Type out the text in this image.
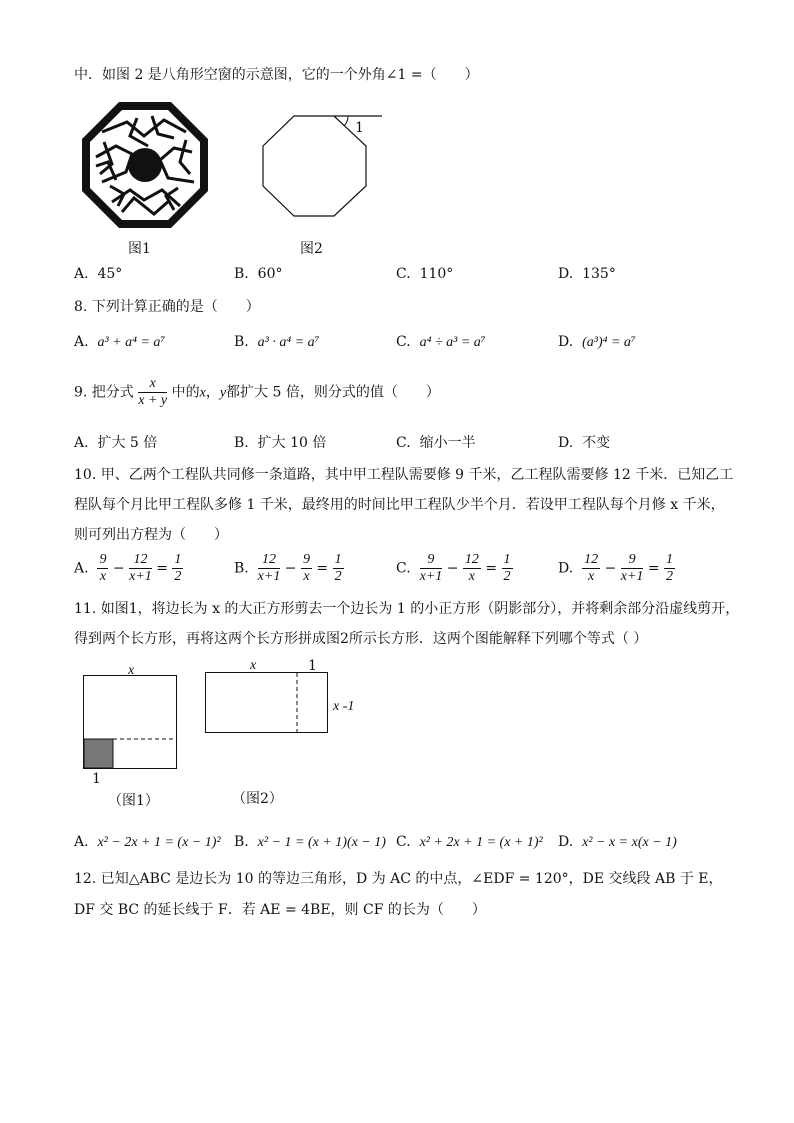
中．如图 2 是八角形空窗的示意图，它的一个外角∠1 =（　　）
图1
1
图2
A. 45°	B. 60°	C. 110°	D. 135°
8. 下列计算正确的是（　　）
A. a³ + a⁴ = a⁷	B. a³ · a⁴ = a⁷	C. a⁴ ÷ a³ = a⁷	D. (a³)⁴ = a⁷
9. 把分式 $\frac{x}{x + y}$ 中的x，y都扩大 5 倍，则分式的值（　　）
A. 扩大 5 倍	B. 扩大 10 倍	C. 缩小一半	D. 不变
10. 甲、乙两个工程队共同修一条道路，其中甲工程队需要修 9 千米，乙工程队需要修 12 千米．已知乙工
程队每个月比甲工程队多修 1 千米，最终用的时间比甲工程队少半个月．若设甲工程队每个月修 x 千米，
则可列出方程为（　　）
A. $\frac{9}{x} - \frac{12}{x+1} = \frac{1}{2}$	B. $\frac{12}{x+1} - \frac{9}{x} = \frac{1}{2}$	C. $\frac{9}{x+1} - \frac{12}{x} = \frac{1}{2}$	D. $\frac{12}{x} - \frac{9}{x+1} = \frac{1}{2}$
11. 如图1，将边长为 x 的大正方形剪去一个边长为 1 的小正方形（阴影部分），并将剩余部分沿虚线剪开，
得到两个长方形，再将这两个长方形拼成图2所示长方形．这两个图能解释下列哪个等式（ ）
x
1
（图1）
x	1
x -1
（图2）
A. x² − 2x + 1 = (x − 1)² B. x² − 1 = (x + 1)(x − 1) C. x² + 2x + 1 = (x + 1)² D. x² − x = x(x − 1)
12. 已知△ABC 是边长为 10 的等边三角形，D 为 AC 的中点，∠EDF = 120°，DE 交线段 AB 于 E，
DF 交 BC 的延长线于 F．若 AE = 4BE，则 CF 的长为（　　）
